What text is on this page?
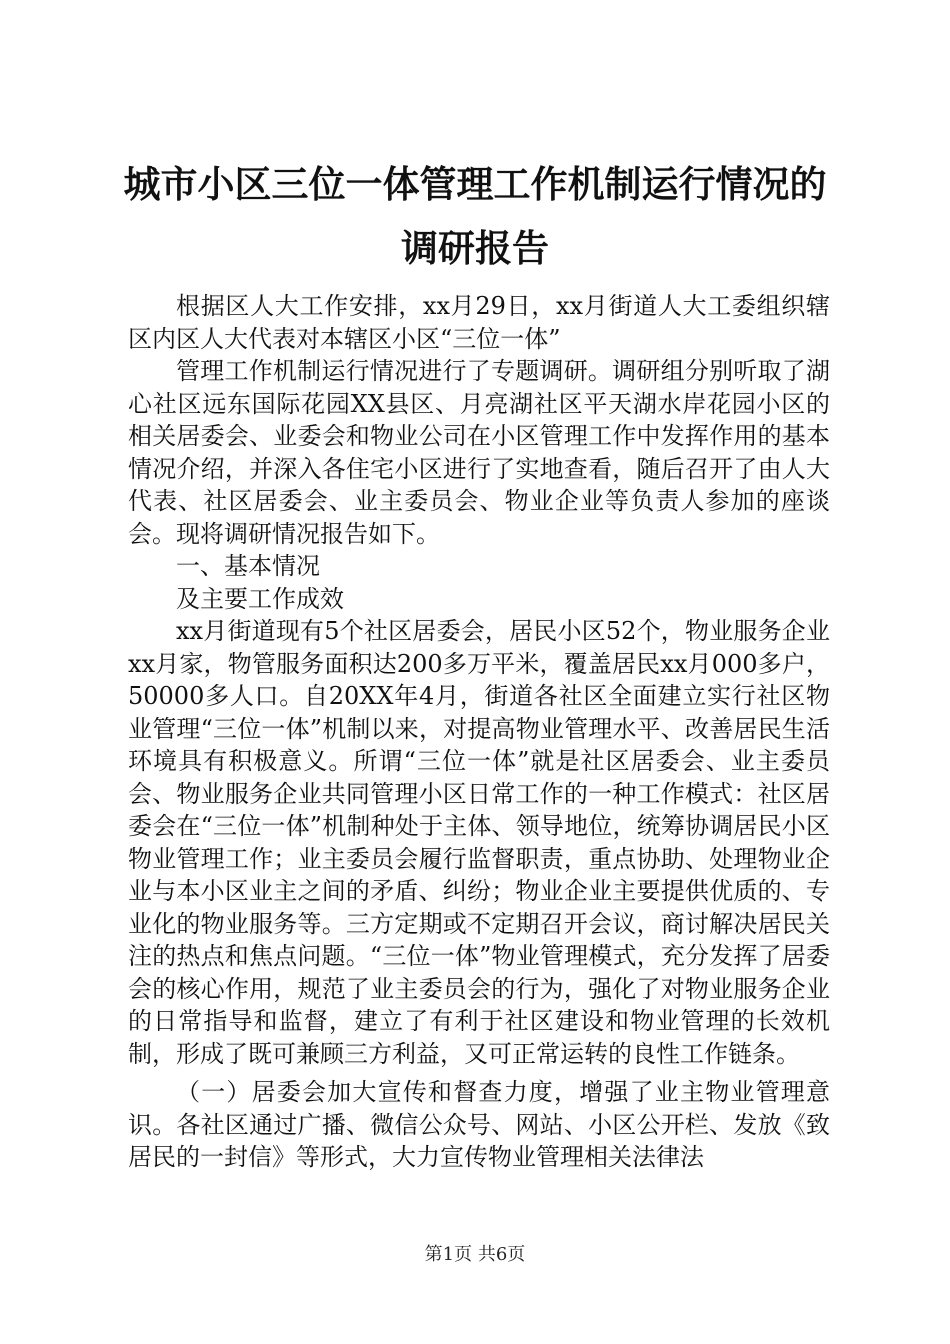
城市小区三位一体管理工作机制运行情况的调研报告

根据区人大工作安排，xx月29日，xx月街道人大工委组织辖区内区人大代表对本辖区小区“三位一体”

管理工作机制运行情况进行了专题调研。调研组分别听取了湖心社区远东国际花园XX县区、月亮湖社区平天湖水岸花园小区的相关居委会、业委会和物业公司在小区管理工作中发挥作用的基本情况介绍，并深入各住宅小区进行了实地查看，随后召开了由人大代表、社区居委会、业主委员会、物业企业等负责人参加的座谈会。现将调研情况报告如下。

一、基本情况

及主要工作成效

xx月街道现有5个社区居委会，居民小区52个，物业服务企业xx月家，物管服务面积达200多万平米，覆盖居民xx月000多户，50000多人口。自20XX年4月，街道各社区全面建立实行社区物业管理“三位一体”机制以来，对提高物业管理水平、改善居民生活环境具有积极意义。所谓“三位一体”就是社区居委会、业主委员会、物业服务企业共同管理小区日常工作的一种工作模式：社区居委会在“三位一体”机制种处于主体、领导地位，统筹协调居民小区物业管理工作；业主委员会履行监督职责，重点协助、处理物业企业与本小区业主之间的矛盾、纠纷；物业企业主要提供优质的、专业化的物业服务等。三方定期或不定期召开会议，商讨解决居民关注的热点和焦点问题。“三位一体”物业管理模式，充分发挥了居委会的核心作用，规范了业主委员会的行为，强化了对物业服务企业的日常指导和监督，建立了有利于社区建设和物业管理的长效机制，形成了既可兼顾三方利益，又可正常运转的良性工作链条。

（一）居委会加大宣传和督查力度，增强了业主物业管理意识。各社区通过广播、微信公众号、网站、小区公开栏、发放《致居民的一封信》等形式，大力宣传物业管理相关法律法

第1页 共6页
